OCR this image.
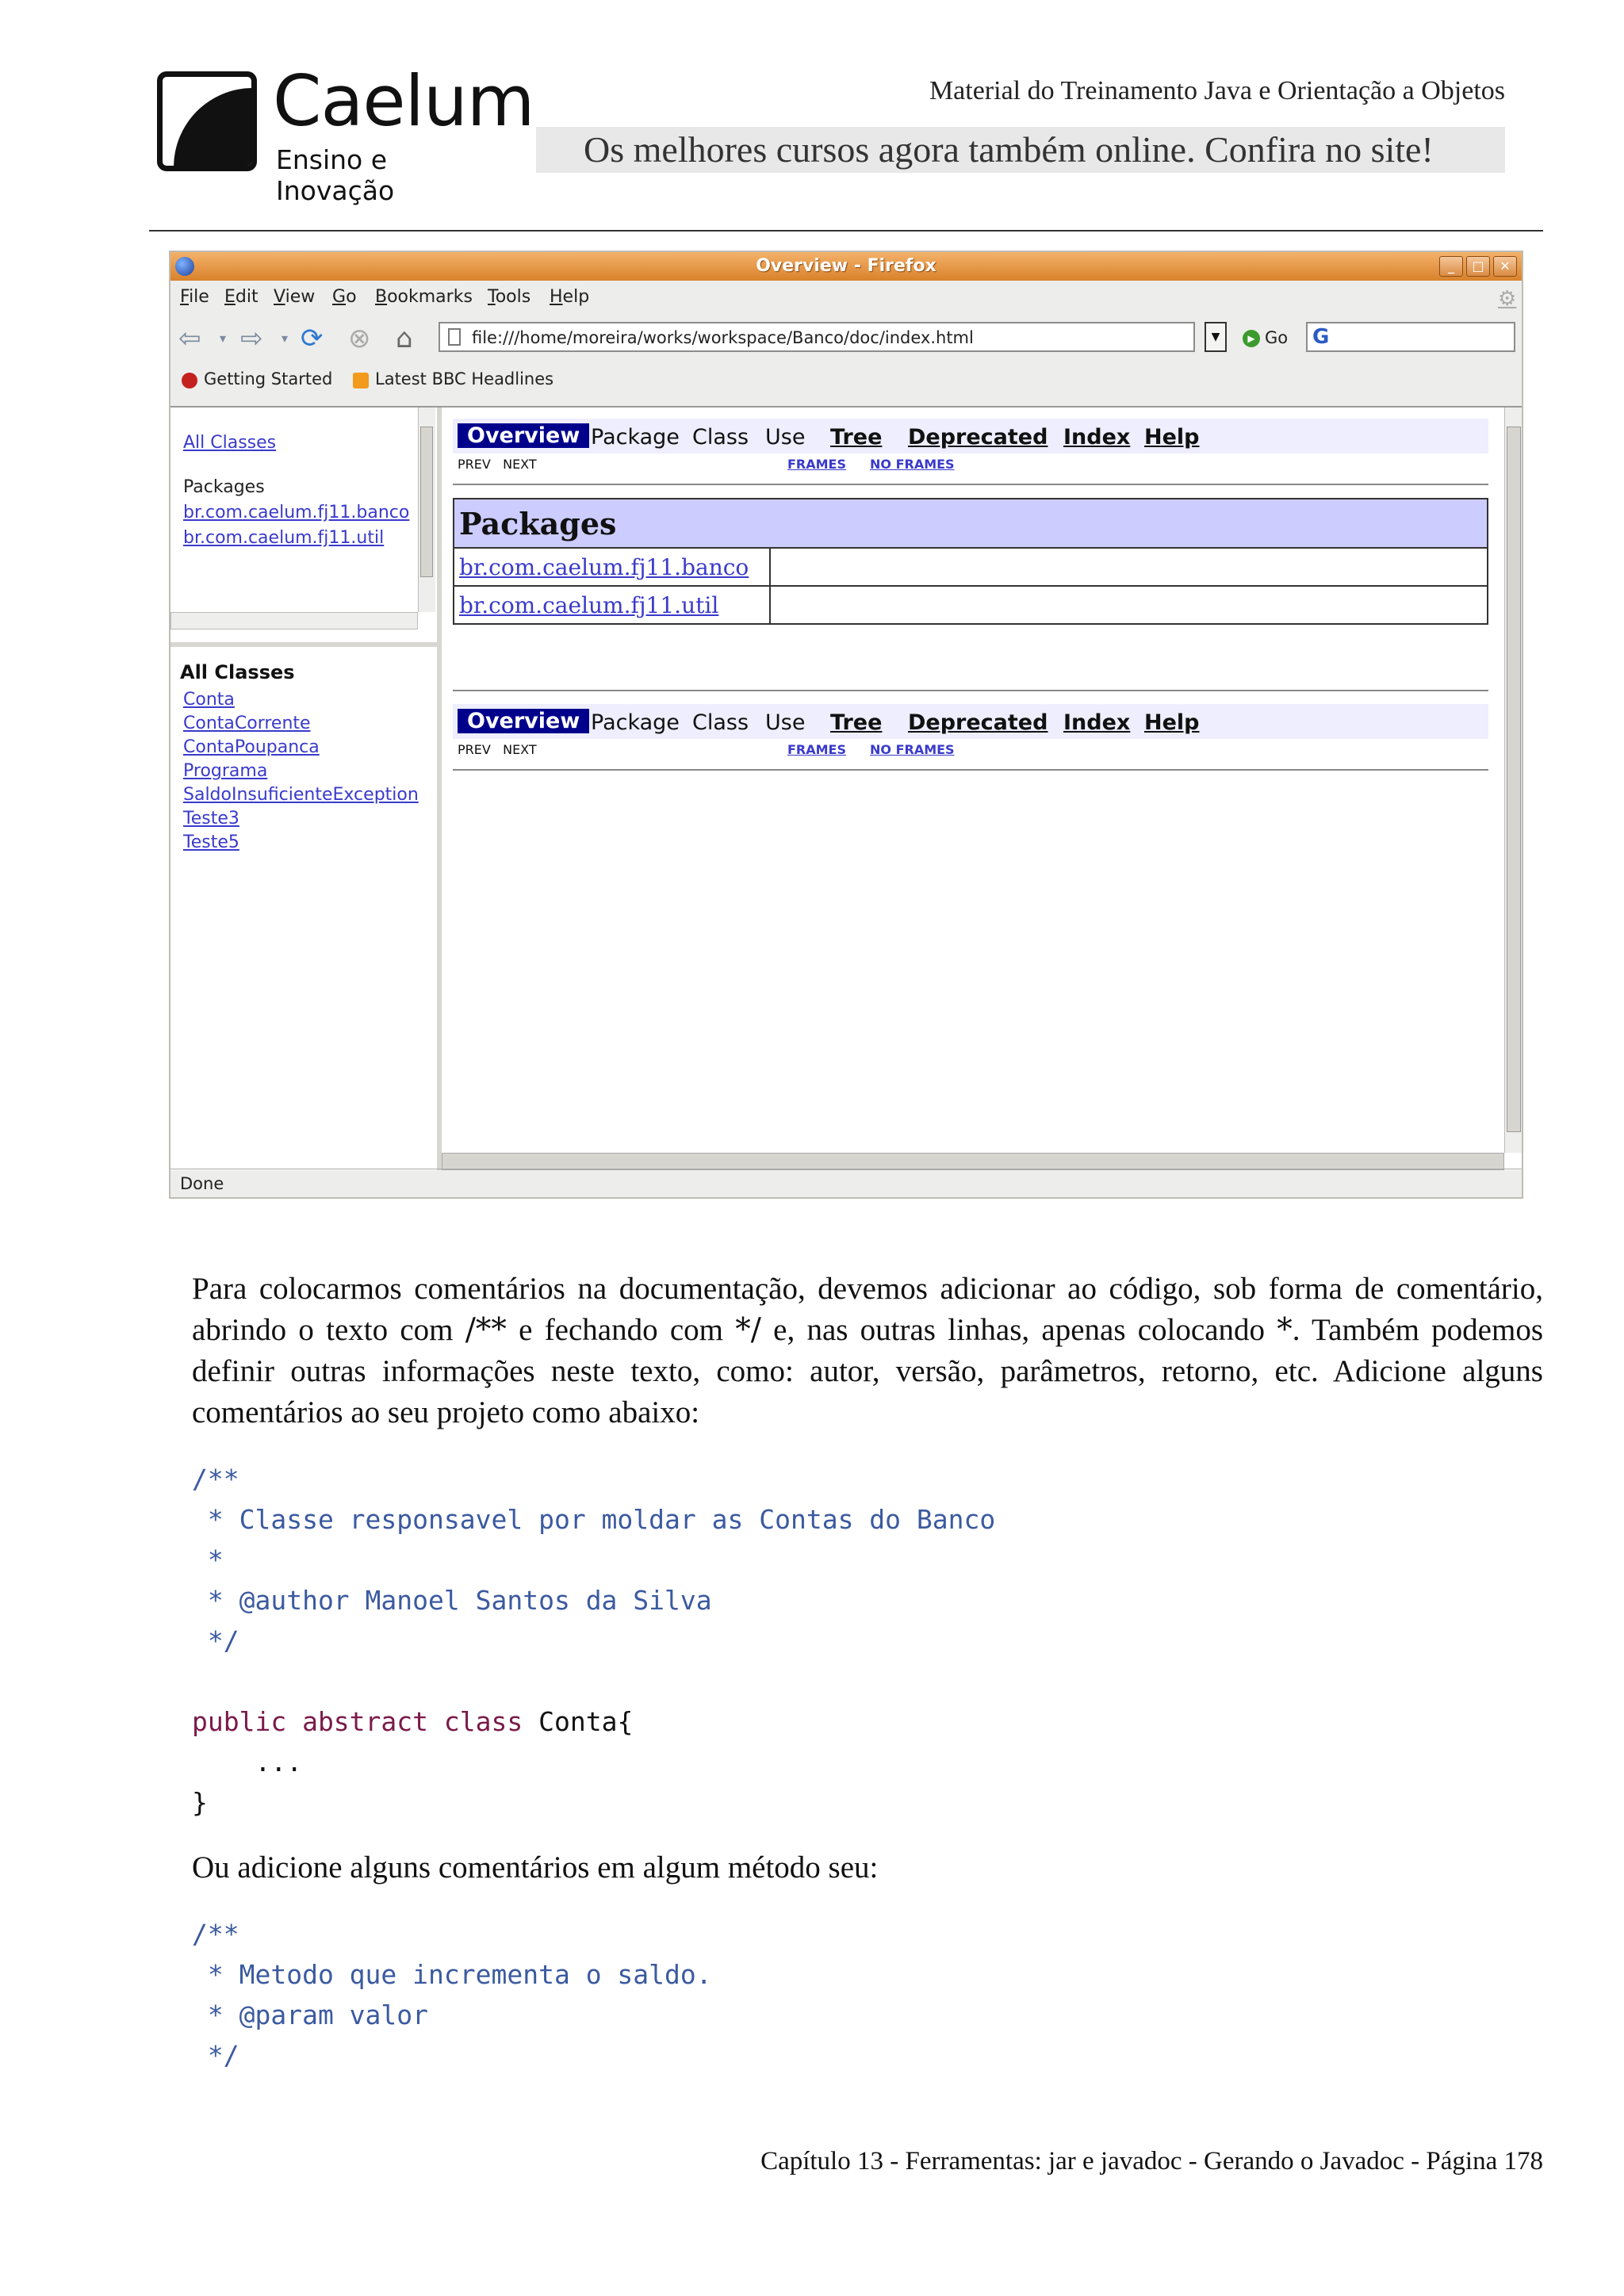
* Caelum
Ensino e Inovação
Material do Treinamento Java e Orientação a Objetos
Os melhores cursos agora também online. Confira no site!
Overview - Firefox	_	□	✕
File Edit View Go Bookmarks Tools Help	⚙
⇦ ▾ ⇨ ▾ ⟳ ⊗ ⌂	file:///home/moreira/works/workspace/Banco/doc/index.html	▼	▶ Go G
Getting Started	Latest BBC Headlines
All Classes
Packages
br.com.caelum.fj11.banco
br.com.caelum.fj11.util
All Classes
Conta
ContaCorrente
ContaPoupanca
Programa
SaldoInsuficienteException
Teste3
Teste5
Overview Package Class Use Tree Deprecated Index Help
PREV NEXT	FRAMES NO FRAMES
Packages	
br.com.caelum.fj11.banco	
br.com.caelum.fj11.util	
Overview Package Class Use Tree Deprecated Index Help
PREV NEXT	FRAMES NO FRAMES
Done
Para colocarmos comentários na documentação, devemos adicionar ao código, sob forma de comentário, abrindo o texto com /** e fechando com */ e, nas outras linhas, apenas colocando *. Também podemos definir outras informações neste texto, como: autor, versão, parâmetros, retorno, etc. Adicione alguns comentários ao seu projeto como abaixo:
/**
* Classe responsavel por moldar as Contas do Banco
*
* @author Manoel Santos da Silva
*/

public abstract class Conta{
...
}
Ou adicione alguns comentários em algum método seu:
/**
* Metodo que incrementa o saldo.
* @param valor
*/
Capítulo 13 - Ferramentas: jar e javadoc - Gerando o Javadoc - Página 178
